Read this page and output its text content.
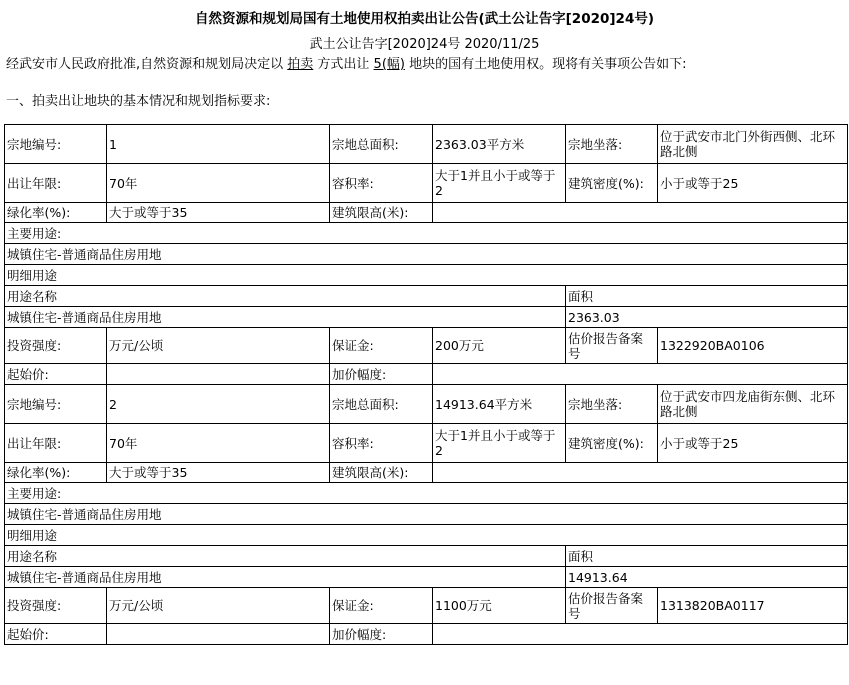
自然资源和规划局国有土地使用权拍卖出让公告(武土公让告字[2020]24号)
武土公让告字[2020]24号 2020/11/25
经武安市人民政府批准,自然资源和规划局决定以 拍卖 方式出让 5(幅) 地块的国有土地使用权。现将有关事项公告如下:
一、拍卖出让地块的基本情况和规划指标要求:
宗地编号:	1	宗地总面积:	2363.03平方米	宗地坐落:	位于武安市北门外街西侧、北环路北侧
出让年限:	70年	容积率:	大于1并且小于或等于2	建筑密度(%):	小于或等于25
绿化率(%):	大于或等于35	建筑限高(米):			
主要用途:					
城镇住宅-普通商品住房用地					
明细用途					
用途名称				面积	
城镇住宅-普通商品住房用地				2363.03	
投资强度:	万元/公顷	保证金:	200万元	估价报告备案号	1322920BA0106
起始价:		加价幅度:			
宗地编号:	2	宗地总面积:	14913.64平方米	宗地坐落:	位于武安市四龙庙街东侧、北环路北侧
出让年限:	70年	容积率:	大于1并且小于或等于2	建筑密度(%):	小于或等于25
绿化率(%):	大于或等于35	建筑限高(米):			
主要用途:					
城镇住宅-普通商品住房用地					
明细用途					
用途名称				面积	
城镇住宅-普通商品住房用地				14913.64	
投资强度:	万元/公顷	保证金:	1100万元	估价报告备案号	1313820BA0117
起始价:		加价幅度:			
